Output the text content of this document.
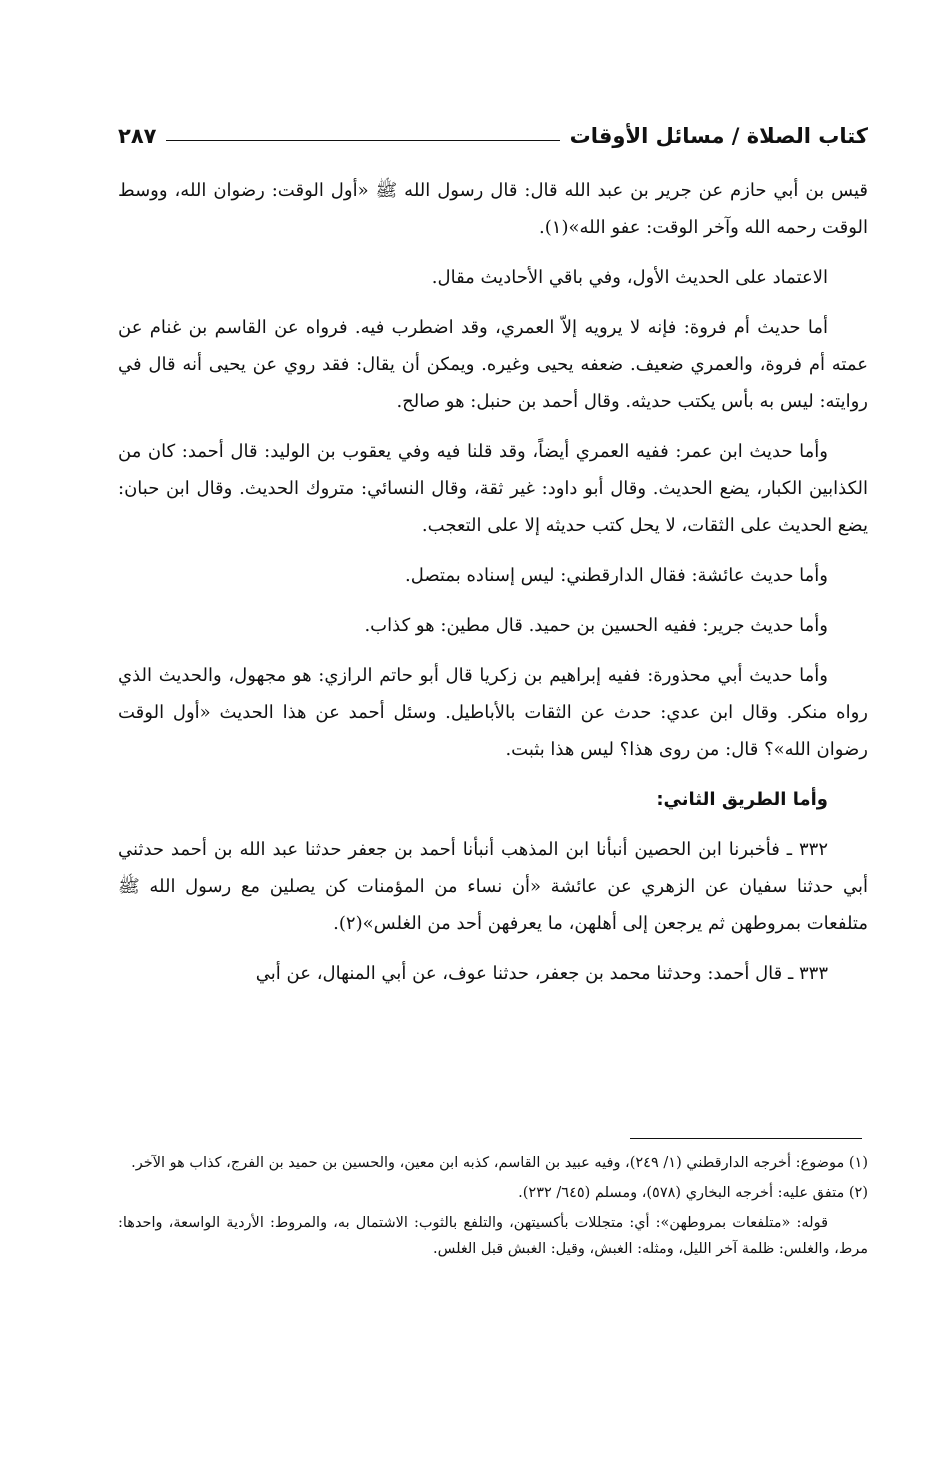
كتاب الصلاة / مسائل الأوقات
٢٨٧

قيس بن أبي حازم عن جرير بن عبد الله قال: قال رسول الله ﷺ «أول الوقت: رضوان الله، ووسط الوقت رحمه الله وآخر الوقت: عفو الله»(١).

الاعتماد على الحديث الأول، وفي باقي الأحاديث مقال.

أما حديث أم فروة: فإنه لا يرويه إلاّ العمري، وقد اضطرب فيه. فرواه عن القاسم بن غنام عن عمته أم فروة، والعمري ضعيف. ضعفه يحيى وغيره. ويمكن أن يقال: فقد روي عن يحيى أنه قال في روايته: ليس به بأس يكتب حديثه. وقال أحمد بن حنبل: هو صالح.

وأما حديث ابن عمر: ففيه العمري أيضاً، وقد قلنا فيه وفي يعقوب بن الوليد: قال أحمد: كان من الكذابين الكبار، يضع الحديث. وقال أبو داود: غير ثقة، وقال النسائي: متروك الحديث. وقال ابن حبان: يضع الحديث على الثقات، لا يحل كتب حديثه إلا على التعجب.

وأما حديث عائشة: فقال الدارقطني: ليس إسناده بمتصل.

وأما حديث جرير: ففيه الحسين بن حميد. قال مطين: هو كذاب.

وأما حديث أبي محذورة: ففيه إبراهيم بن زكريا قال أبو حاتم الرازي: هو مجهول، والحديث الذي رواه منكر. وقال ابن عدي: حدث عن الثقات بالأباطيل. وسئل أحمد عن هذا الحديث «أول الوقت رضوان الله»؟ قال: من روى هذا؟ ليس هذا بثبت.

وأما الطريق الثاني:

٣٣٢ ـ فأخبرنا ابن الحصين أنبأنا ابن المذهب أنبأنا أحمد بن جعفر حدثنا عبد الله بن أحمد حدثني أبي حدثنا سفيان عن الزهري عن عائشة «أن نساء من المؤمنات كن يصلين مع رسول الله ﷺ متلفعات بمروطهن ثم يرجعن إلى أهلهن، ما يعرفهن أحد من الغلس»(٢).

٣٣٣ ـ قال أحمد: وحدثنا محمد بن جعفر، حدثنا عوف، عن أبي المنهال، عن أبي

(١) موضوع: أخرجه الدارقطني (١/ ٢٤٩)، وفيه عبيد بن القاسم، كذبه ابن معين، والحسين بن حميد بن الفرج، كذاب هو الآخر.

(٢) متفق عليه: أخرجه البخاري (٥٧٨)، ومسلم (٦٤٥/ ٢٣٢).

قوله: «متلفعات بمروطهن»: أي: متجللات بأكسيتهن، والتلفع بالثوب: الاشتمال به، والمروط: الأردية الواسعة، واحدها: مرط، والغلس: ظلمة آخر الليل، ومثله: الغبش، وقيل: الغبش قبل الغلس.
